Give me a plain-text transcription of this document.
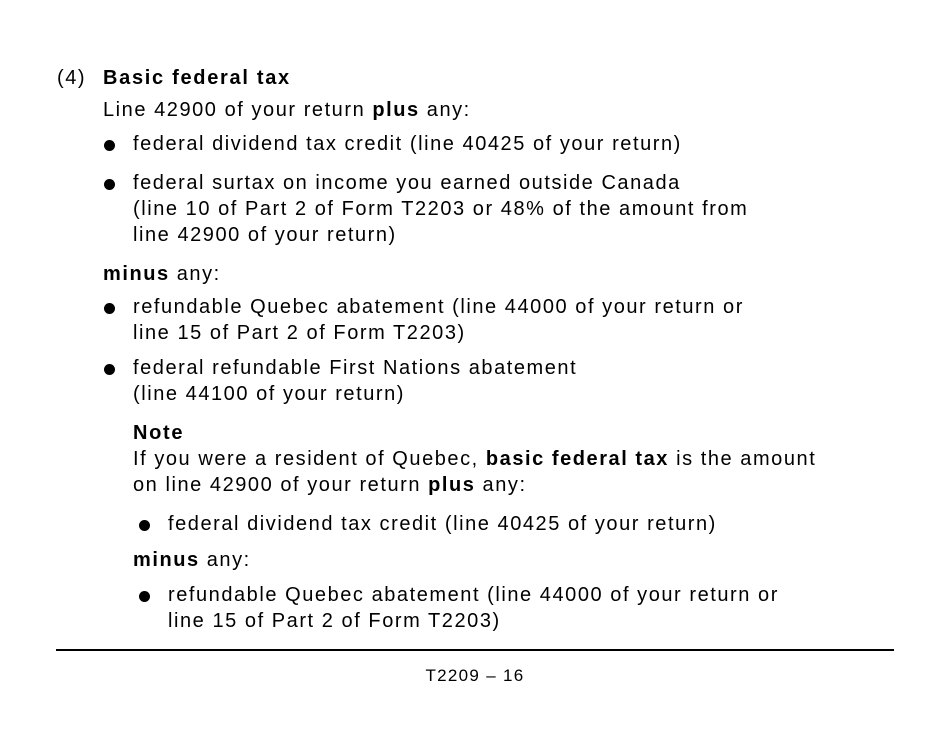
(4) Basic federal tax
Line 42900 of your return plus any:
federal dividend tax credit (line 40425 of your return)
federal surtax on income you earned outside Canada
(line 10 of Part 2 of Form T2203 or 48% of the amount from
line 42900 of your return)
minus any:
refundable Quebec abatement (line 44000 of your return or
line 15 of Part 2 of Form T2203)
federal refundable First Nations abatement
(line 44100 of your return)
Note
If you were a resident of Quebec, basic federal tax is the amount
on line 42900 of your return plus any:
federal dividend tax credit (line 40425 of your return)
minus any:
refundable Quebec abatement (line 44000 of your return or
line 15 of Part 2 of Form T2203)
T2209 – 16
